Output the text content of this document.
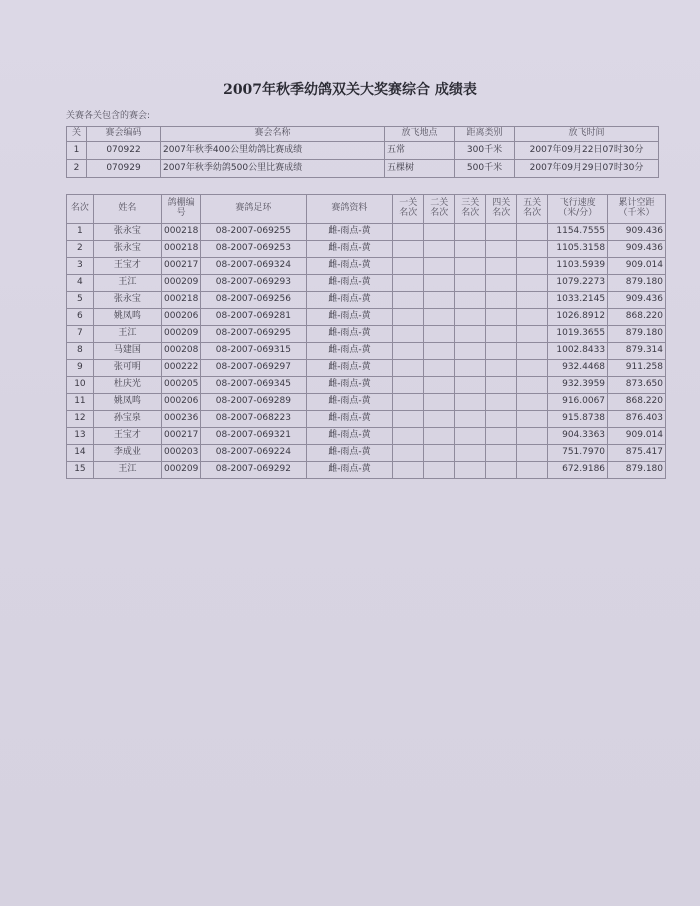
2007年秋季幼鸽双关大奖赛综合 成绩表
关赛各关包含的赛会:
关	赛会编码	赛会名称	放飞地点	距离类别	放飞时间
1	070922	2007年秋季400公里幼鸽比赛成绩	五常	300千米	2007年09月22日07时30分
2	070929	2007年秋季幼鸽500公里比赛成绩	五棵树	500千米	2007年09月29日07时30分
名次	姓名	鸽棚编号	赛鸽足环	赛鸽资料	一关名次	二关名次	三关名次	四关名次	五关名次	飞行速度（米/分）	累计空距（千米）
1	张永宝	000218	08-2007-069255	雌-雨点-黄						1154.7555	909.436
2	张永宝	000218	08-2007-069253	雌-雨点-黄						1105.3158	909.436
3	王宝才	000217	08-2007-069324	雌-雨点-黄						1103.5939	909.014
4	王江	000209	08-2007-069293	雌-雨点-黄						1079.2273	879.180
5	张永宝	000218	08-2007-069256	雌-雨点-黄						1033.2145	909.436
6	姚凤鸣	000206	08-2007-069281	雌-雨点-黄						1026.8912	868.220
7	王江	000209	08-2007-069295	雌-雨点-黄						1019.3655	879.180
8	马建国	000208	08-2007-069315	雌-雨点-黄						1002.8433	879.314
9	张可明	000222	08-2007-069297	雌-雨点-黄						932.4468	911.258
10	杜庆光	000205	08-2007-069345	雌-雨点-黄						932.3959	873.650
11	姚凤鸣	000206	08-2007-069289	雌-雨点-黄						916.0067	868.220
12	孙宝泉	000236	08-2007-068223	雌-雨点-黄						915.8738	876.403
13	王宝才	000217	08-2007-069321	雌-雨点-黄						904.3363	909.014
14	李成业	000203	08-2007-069224	雌-雨点-黄						751.7970	875.417
15	王江	000209	08-2007-069292	雌-雨点-黄						672.9186	879.180
